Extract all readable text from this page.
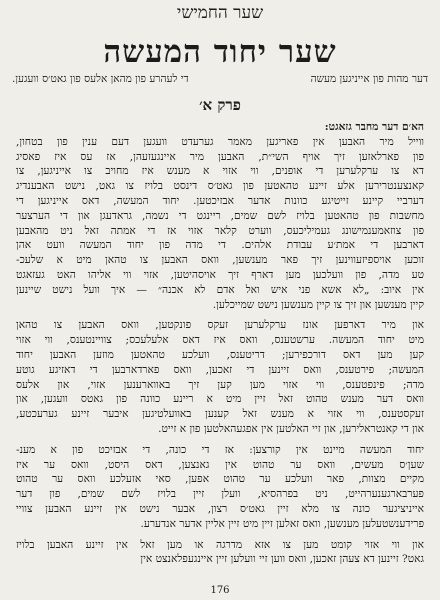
שער החמישי
שער יחוד המעשה
דער מהות פון אייניגען מעשה
די לעהרע פון מהאן אלעס פון גאט׳ס וועגען.
פרק א׳
הא׳ם דער מחבר גזאגט:
ווייל מיר האבען אין פאריגען מאמר גערעדט וועגען דעם ענין פון בטחון,
פון פארלאזען זיך אויף השי״ת, האבען מיר איינגעזעהן, אז עס איז פאסיג
דא צו ערקלערען די אופנים, ווי אזוי א מענש איז מחויב צו אייניגען, צו
קאנצענטרירען אלע זיינע טהאטען פון גאט׳ס דינסט בלויז צו גאט, נישט האבענדיג
דערביי קיינע זייטיגע כוונות אדער אבזיכטען. יחוד המעשה, דאס אייניגען די
מחשבות פון טהאטען בלויז לשם שמים, ריינגט די נשמה, גראדעגן און די הערצער
פון צוזאמענמישונג געמיליכעס, ווערט קלאר אזוי אז די אמתה זאל ניט מהאבען
דארבען די אמת׳ע עבודת אלהים. די מדה פון יחוד המעשה וועט אהן
זוכען אויספיזעווינען זיך פאר מענשען, וואס האבען צו טהאן מיט א שלעכ-
טע מדה, פון וועלכען מען דארף זיך אויסהיטען, אזוי ווי אליהו האט געזאגט
אין איוב: „לא אשא פני איש ואל אדם לא אכנה״ — איך וועל נישט שיינען
קיין מענשען און זיך צו קיין מענשען נישט שמייכלען.
און מיר דארפען אונז ערקלערען זעקס פונקטען, וואס האבען צו טהאן
מיט יחוד המעשה. ערשטענס, וואס איז דאס אלעלעכס; צוויינטענס, ווי אזוי
קען מען דאס דורכפירען; דריטענס, וועלכע טהאטען מוזען האבען יחוד
המעשה; פירטענס, וואס זיינען די זאכען, וואס פארדארבען די דאזיגע גוטע
מדה; פינפטענס, ווי אזוי מען קען זיך באווארענען אזוי, און אלעס
וואס דער מענש טהוט זאל זיין מיט א ריינע כוונה פון גאטס וועגען, און
זעקסטענס, ווי אזוי א מענש זאל קענען באוועלטיגען איבער זיינע גערעכטע,
און די קאנטראלירען, און זיי האלטען אין אפגעהאלטען פון א זייט.
יחוד המעשה מיינט אין קורצען: אז די כונה, די אבזיכט פון א מענ-
שען׳ס מעשים, וואס ער טהוט אין גאנצען, דאס היסט, וואס ער איז
מקיים מצוות, פאר וועלכע ער טהוט אפען, סאי אזעלכע וואס ער טהוט
פערבארגענערהייט, ניט בפרהסיא, וועלן זיין בלויז לשם שמים, פון דער
אייניציגער כונה צו מלא זיין גאט׳ס רצון, אבער נישט אין זיינע האבען צוויי
פרידענשטעלען מענשען, וואס זאלען זיין מיט זיין אליין אדער אנדערע.
און ווי אזוי קומט מען צו אזא מדרגה או מען זאל אין זיינע האבען בלויז
גאט? זיינען דא צעהן זאכען, וואס ווען זיי וועלען זיין איינגעפלאנצט אין
176
